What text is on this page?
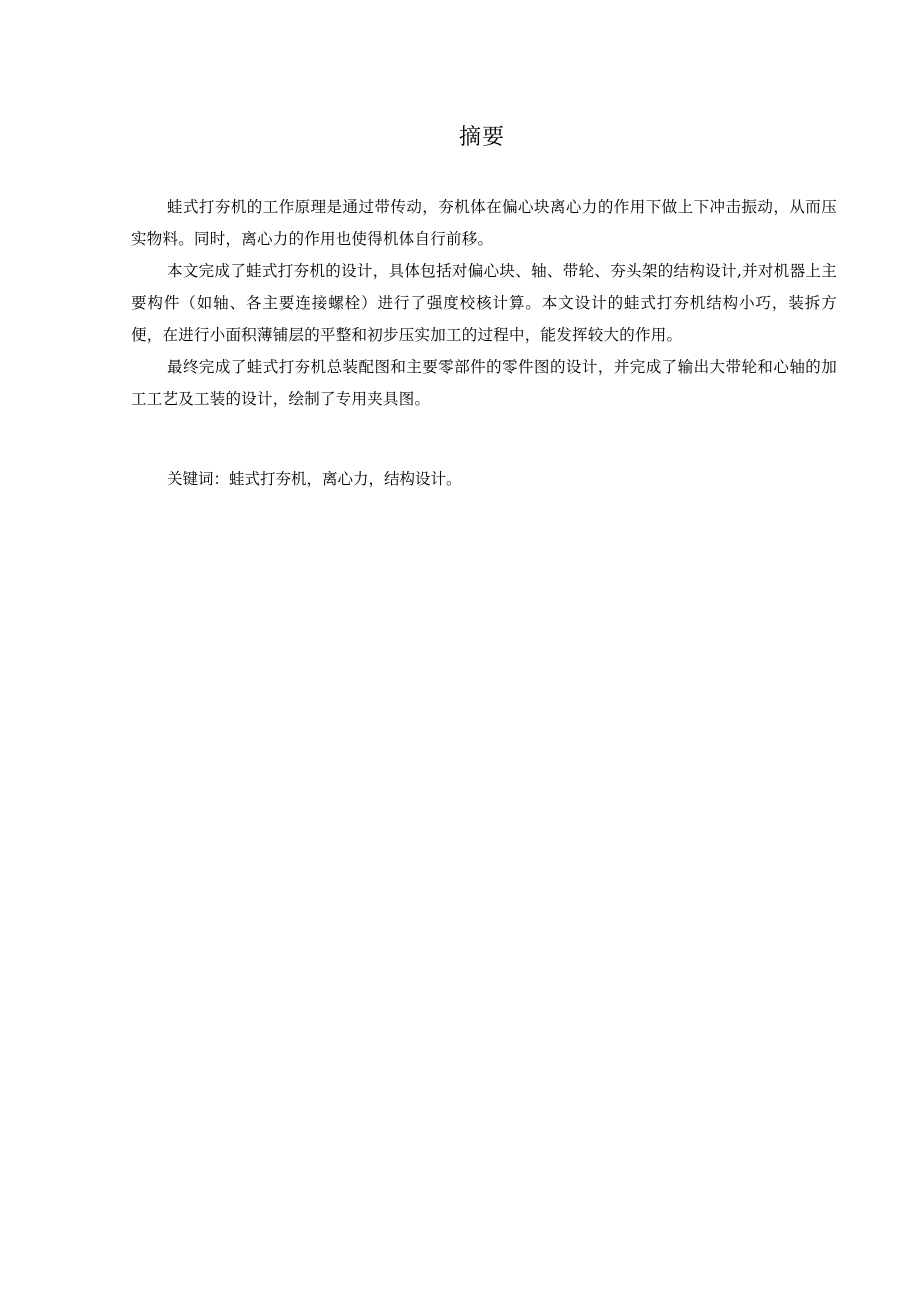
摘要

蛙式打夯机的工作原理是通过带传动，夯机体在偏心块离心力的作用下做上下冲击振动，从而压实物料。同时，离心力的作用也使得机体自行前移。

本文完成了蛙式打夯机的设计，具体包括对偏心块、轴、带轮、夯头架的结构设计,并对机器上主要构件（如轴、各主要连接螺栓）进行了强度校核计算。本文设计的蛙式打夯机结构小巧，装拆方便，在进行小面积薄铺层的平整和初步压实加工的过程中，能发挥较大的作用。

最终完成了蛙式打夯机总装配图和主要零部件的零件图的设计，并完成了输出大带轮和心轴的加工工艺及工装的设计，绘制了专用夹具图。

关键词：蛙式打夯机，离心力，结构设计。
